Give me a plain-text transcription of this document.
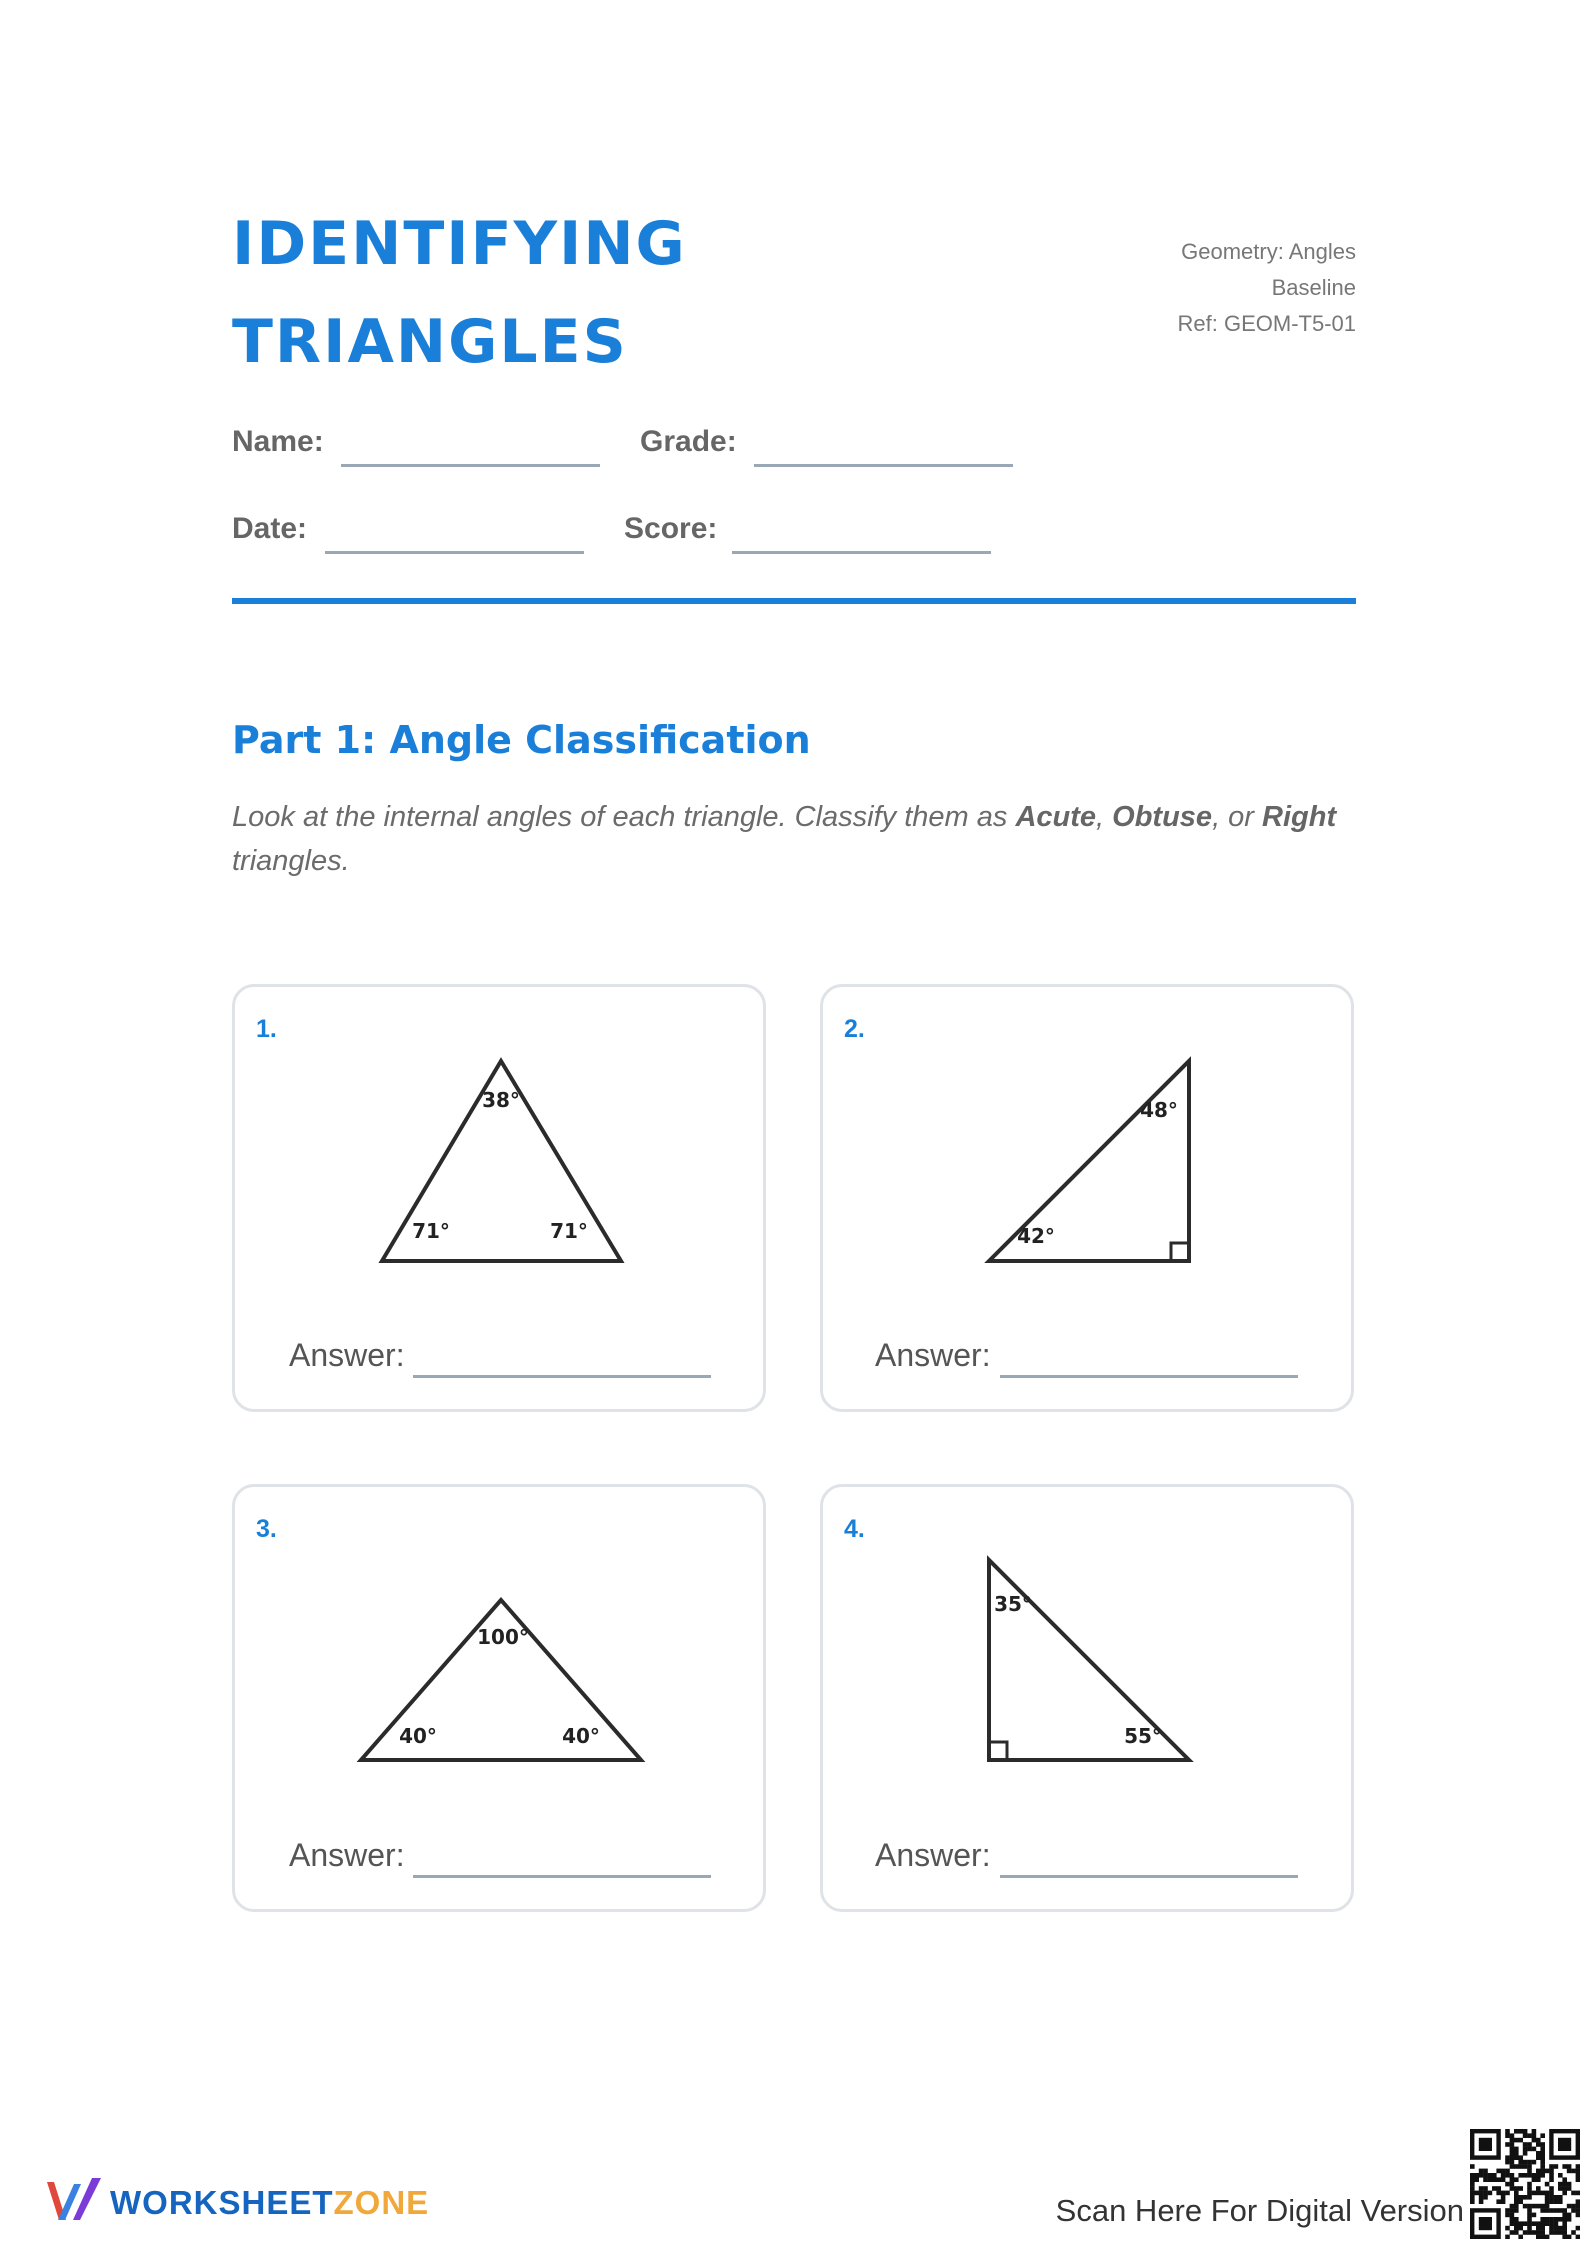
IDENTIFYING
TRIANGLES
Geometry: Angles
Baseline
Ref: GEOM-T5-01
Name:	Grade:
Date:	Score:
Part 1: Angle Classification

Look at the internal angles of each triangle. Classify them as Acute, Obtuse, or Right triangles.

1.
38°
71°	71°
Answer:
2.
48°
42°
Answer:
3.
100°
40°	40°
Answer:
4.
35°
55°
Answer:
WORKSHEETZONE	Scan Here For Digital Version
